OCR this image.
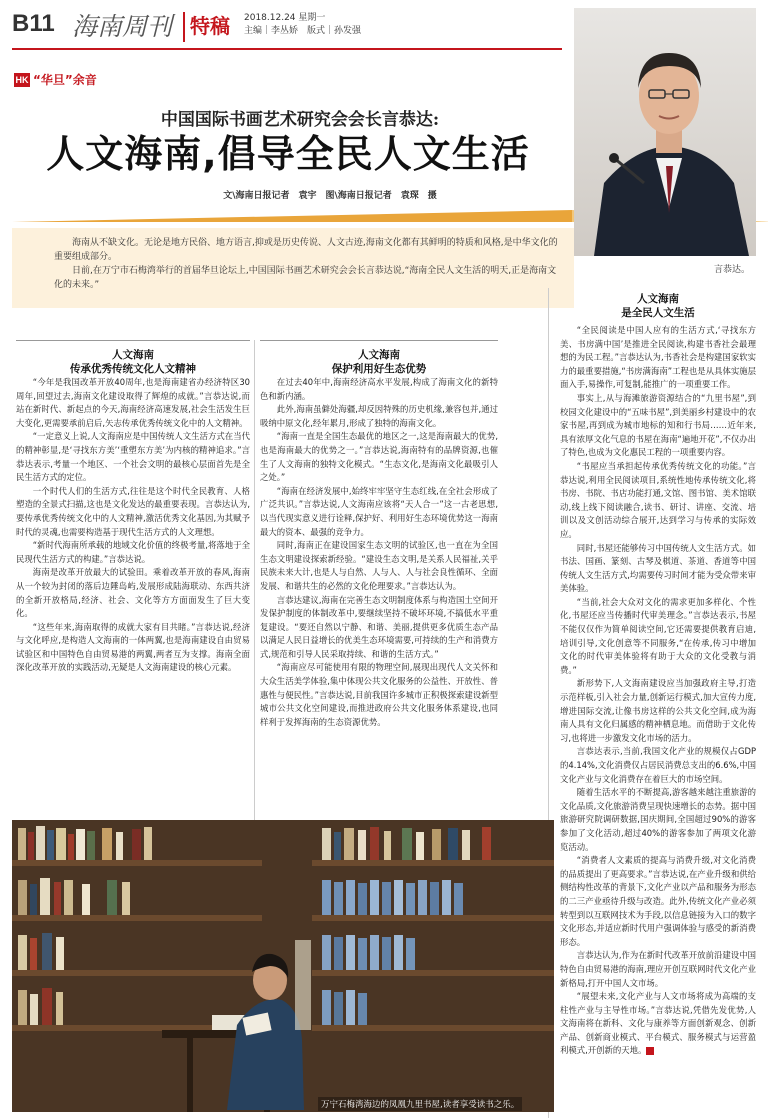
B11 海南周刊 特稿 2018.12.24 星期一
主编｜李丛娇　版式｜孙发强
HK “华旦”余音
中国国际书画艺术研究会会长言恭达:
人文海南,倡导全民人文生活
文\海南日报记者　袁宇　图\海南日报记者　袁琛　摄

海南从不缺文化。无论是地方民俗、地方语言,抑或是历史传说、人文古迹,海南文化都有其鲜明的特质和风格,是中华文化的重要组成部分。

日前,在万宁市石梅湾举行的首届华旦论坛上,中国国际书画艺术研究会会长言恭达说,“海南全民人文生活的明天,正是海南文化的未来。”

言恭达。
人文海南
传承优秀传统文化人文精神

“今年是我国改革开放40周年,也是海南建省办经济特区30周年,回望过去,海南文化建设取得了辉煌的成就。”言恭达说,而站在新时代、新起点的今天,海南经济高速发展,社会生活发生巨大变化,更需要承前启后,矢志传承优秀传统文化中的人文精神。

“一定意义上说,人文海南应是中国传统人文生活方式在当代的精神彰显,是‘寻找东方美’‘重塑东方美’为内核的精神追求。”言恭达表示,考量一个地区、一个社会文明的最核心层面首先是全民生活方式的定位。

一个时代人们的生活方式,往往是这个时代全民教育、人格塑造的全景式扫描,这也是文化发达的最重要表现。言恭达认为,要传承优秀传统文化中的人文精神,激活优秀文化基因,为其赋予时代的灵魂,也需要构造基于现代生活方式的人文理想。

“新时代海南所承载的地域文化价值的终极考量,将落地于全民现代生活方式的构建。”言恭达说。

海南是改革开放最大的试验田。乘着改革开放的春风,海南从一个较为封闭的落后边陲岛屿,发展形成陆海联动、东西共济的全新开放格局,经济、社会、文化等方方面面发生了巨大变化。

“这些年来,海南取得的成就大家有目共睹。”言恭达说,经济与文化呼应,是构造人文海南的一体两翼,也是海南建设自由贸易试验区和中国特色自由贸易港的两翼,两者互为支撑。海南全面深化改革开放的实践活动,无疑是人文海南建设的核心元素。

人文海南
保护利用好生态优势

在过去40年中,海南经济高水平发展,构成了海南文化的新特色和新内涵。

此外,海南虽僻处海疆,却反因特殊的历史机缘,兼容包并,通过吸纳中原文化,经年累月,形成了独特的海南文化。

“海南一直是全国生态最优的地区之一,这是海南最大的优势,也是海南最大的优势之一。”言恭达说,海南特有的品牌资源,也催生了人文海南的独特文化模式。“生态文化,是海南文化最吸引人之处。”

“海南在经济发展中,始终牢牢坚守生态红线,在全社会形成了广泛共识。”言恭达说,人文海南应该将“天人合一”这一古老思想,以当代现实意义进行诠释,保护好、利用好生态环境优势这一海南最大的资本、最强的竞争力。

同时,海南正在建设国家生态文明的试验区,也一直在为全国生态文明建设探索新经验。“建设生态文明,是关系人民福祉,关乎民族未来大计,也是人与自然、人与人、人与社会良性循环、全面发展、和谐共生的必然的文化伦理要求。”言恭达认为。

言恭达建议,海南在完善生态文明制度体系与构造国土空间开发保护制度的体制改革中,要继续坚持不破坏环境,不搞低水平重复建设。“要还自然以宁静、和谐、美丽,提供更多优质生态产品以满足人民日益增长的优美生态环境需要,可持续的生产和消费方式,规范和引导人民采取持续、和谐的生活方式。”

“海南应尽可能使用有限的物理空间,展现出现代人文关怀和大众生活美学体验,集中体现公共文化服务的公益性、开放性、普惠性与便民性。”言恭达说,目前我国许多城市正积极探索建设新型城市公共文化空间建设,而推进政府公共文化服务体系建设,也同样利于发挥海南的生态资源优势。

人文海南
是全民人文生活

“全民阅读是中国人应有的生活方式,‘寻找东方美、书房满中国’是推进全民阅读,构建书香社会最理想的为民工程。”言恭达认为,书香社会是构建国家软实力的最重要措施,“书房满海南”工程也是从具体实施层面入手,易操作,可复制,能推广的一项重要工作。

事实上,从与海滩旅游资源结合的“九里书屋”,到校园文化建设中的“五味书屋”,到美丽乡村建设中的农家书屋,再到成为城市地标的知和行书局……近年来,具有浓厚文化气息的书屋在海南“遍地开花”,不仅办出了特色,也成为文化惠民工程的一项重要内容。

“书屋应当承担起传承优秀传统文化的功能。”言恭达说,利用全民阅读项目,系统性地传承传统文化,将书房、书院、书店功能打通,文馆、图书馆、美术馆联动,线上线下阅读融合,读书、研讨、讲座、交流、培训以及文创活动综合展开,达到学习与传承的实际效应。

同时,书屋还能够传习中国传统人文生活方式。如书法、国画、篆刻、古琴及棋道、茶道、香道等中国传统人文生活方式,均需要传习时间才能为受众带来审美体验。

“当前,社会大众对文化的需求更加多样化、个性化,书屋还应当传播时代审美理念。”言恭达表示,书屋不能仅仅作为简单阅读空间,它还需要提供教育启迪,培训引导,文化创意等不同服务,“在传承,传习中增加文化的时代审美体验将有助于大众的文化受教与消费。”

新形势下,人文海南建设应当加强政府主导,打造示范样板,引入社会力量,创新运行模式,加大宣传力度,增进国际交流,让像书房这样的公共文化空间,成为海南人具有文化归属感的精神栖息地。而借助于文化传习,也将进一步激发文化市场的活力。

言恭达表示,当前,我国文化产业的规模仅占GDP的4.14%,文化消费仅占居民消费总支出的6.6%,中国文化产业与文化消费存在着巨大的市场空间。

随着生活水平的不断提高,游客越来越注重旅游的文化品质,文化旅游消费呈现快速增长的态势。据中国旅游研究院调研数据,国庆期间,全国超过90%的游客参加了文化活动,超过40%的游客参加了两项文化游览活动。

“消费者人文素质的提高与消费升级,对文化消费的品质提出了更高要求。”言恭达说,在产业升级和供给侧结构性改革的背景下,文化产业以产品和服务为形态的二三产业亟待升级与改造。此外,传统文化产业必须转型到以互联网技术为手段,以信息链接为入口的数字文化形态,并适应新时代用户强调体验与感受的新消费形态。

言恭达认为,作为在新时代改革开放前沿建设中国特色自由贸易港的海南,理应开创互联网时代文化产业新格局,打开中国人文市场。

“展望未来,文化产业与人文市场将成为高端的支柱性产业与主导性市场。”言恭达说,凭借先发优势,人文海南将在新科、文化与康养等方面创新观念、创新产品、创新商业模式、平台模式、服务模式与运营盈利模式,开创新的天地。

万宁石梅湾海边的凤凰九里书屋,读者享受读书之乐。
